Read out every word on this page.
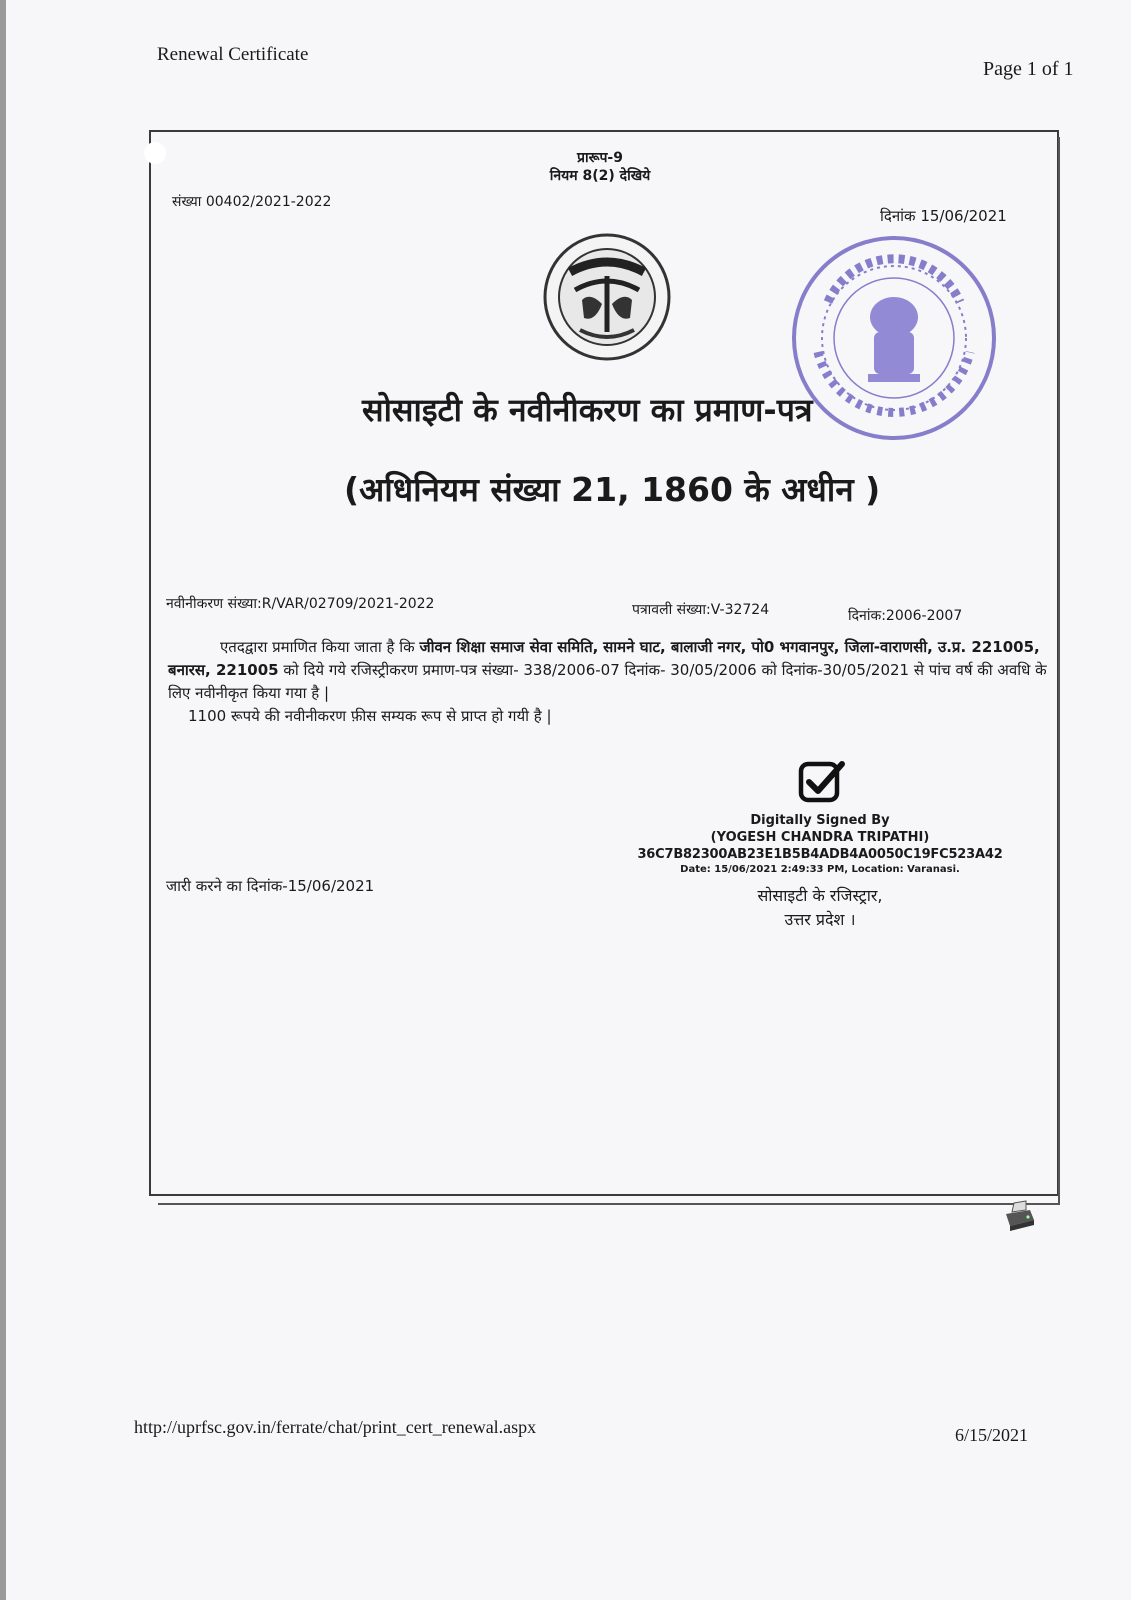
Renewal Certificate
Page 1 of 1
प्रारूप-9
नियम 8(2) देखिये
संख्या 00402/2021-2022
दिनांक 15/06/2021
सोसाइटी के नवीनीकरण का प्रमाण-पत्र
(अधिनियम संख्या 21, 1860 के अधीन )
नवीनीकरण संख्या:R/VAR/02709/2021-2022	पत्रावली संख्या:V-32724	दिनांक:2006-2007
एतदद्वारा प्रमाणित किया जाता है कि जीवन शिक्षा समाज सेवा समिति, सामने घाट, बालाजी नगर, पो0 भगवानपुर, जिला-वाराणसी, उ.प्र. 221005, बनारस, 221005 को दिये गये रजिस्ट्रीकरण प्रमाण-पत्र संख्या- 338/2006-07 दिनांक- 30/05/2006 को दिनांक-30/05/2021 से पांच वर्ष की अवधि के लिए नवीनीकृत किया गया है |
1100 रूपये की नवीनीकरण फ़ीस सम्यक रूप से प्राप्त हो गयी है |
Digitally Signed By
(YOGESH CHANDRA TRIPATHI)
36C7B82300AB23E1B5B4ADB4A0050C19FC523A42
Date: 15/06/2021 2:49:33 PM, Location: Varanasi.
सोसाइटी के रजिस्ट्रार,
उत्तर प्रदेश ।
जारी करने का दिनांक-15/06/2021
http://uprfsc.gov.in/ferrate/chat/print_cert_renewal.aspx	6/15/2021
